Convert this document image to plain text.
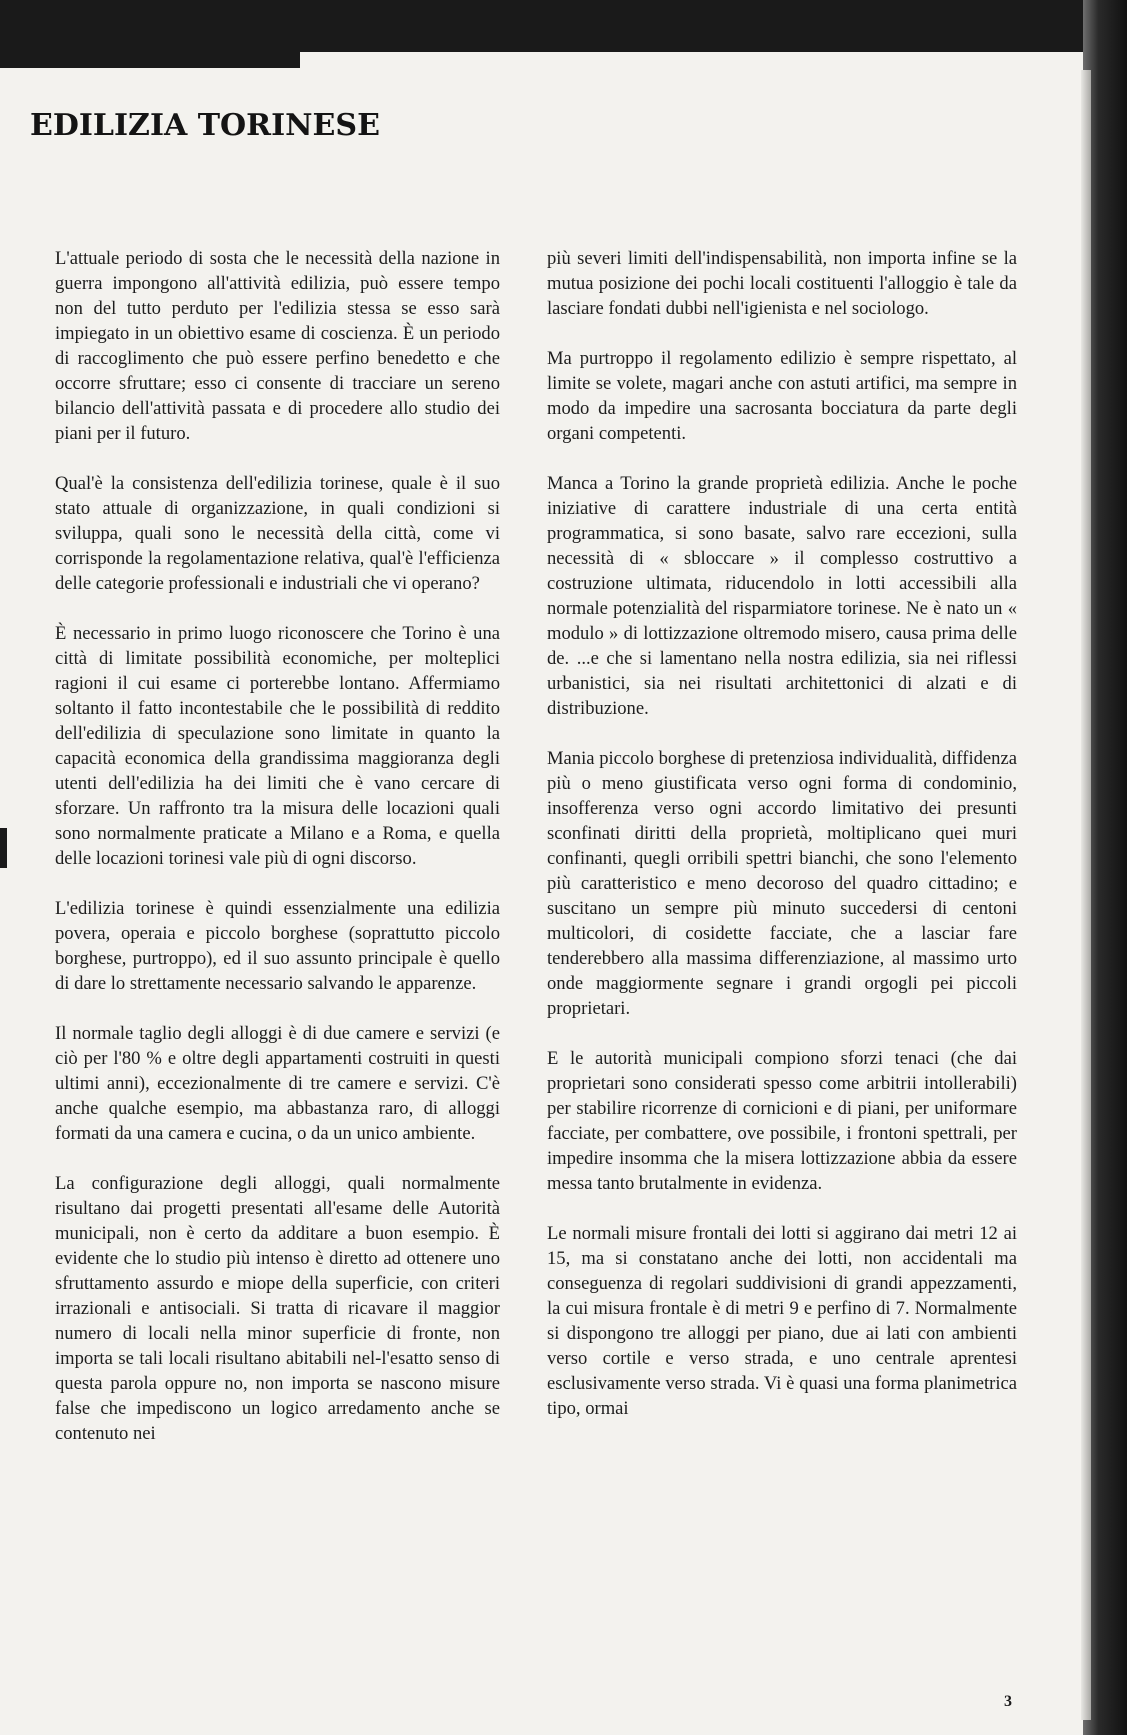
EDILIZIA TORINESE

L'attuale periodo di sosta che le necessità della nazione in guerra impongono all'attività edilizia, può essere tempo non del tutto perduto per l'edilizia stessa se esso sarà impiegato in un obiettivo esame di coscienza. È un periodo di raccoglimento che può essere perfino benedetto e che occorre sfruttare; esso ci consente di tracciare un sereno bilancio dell'attività passata e di procedere allo studio dei piani per il futuro.

Qual'è la consistenza dell'edilizia torinese, quale è il suo stato attuale di organizzazione, in quali condizioni si sviluppa, quali sono le necessità della città, come vi corrisponde la regolamentazione relativa, qual'è l'efficienza delle categorie professionali e industriali che vi operano?

È necessario in primo luogo riconoscere che Torino è una città di limitate possibilità economiche, per molteplici ragioni il cui esame ci porterebbe lontano. Affermiamo soltanto il fatto incontestabile che le possibilità di reddito dell'edilizia di speculazione sono limitate in quanto la capacità economica della grandissima maggioranza degli utenti dell'edilizia ha dei limiti che è vano cercare di sforzare. Un raffronto tra la misura delle locazioni quali sono normalmente praticate a Milano e a Roma, e quella delle locazioni torinesi vale più di ogni discorso.

L'edilizia torinese è quindi essenzialmente una edilizia povera, operaia e piccolo borghese (soprattutto piccolo borghese, purtroppo), ed il suo assunto principale è quello di dare lo strettamente necessario salvando le apparenze.

Il normale taglio degli alloggi è di due camere e servizi (e ciò per l'80 % e oltre degli appartamenti costruiti in questi ultimi anni), eccezionalmente di tre camere e servizi. C'è anche qualche esempio, ma abbastanza raro, di alloggi formati da una camera e cucina, o da un unico ambiente.

La configurazione degli alloggi, quali normalmente risultano dai progetti presentati all'esame delle Autorità municipali, non è certo da additare a buon esempio. È evidente che lo studio più intenso è diretto ad ottenere uno sfruttamento assurdo e miope della superficie, con criteri irrazionali e antisociali. Si tratta di ricavare il maggior numero di locali nella minor superficie di fronte, non importa se tali locali risultano abitabili nel-l'esatto senso di questa parola oppure no, non importa se nascono misure false che impediscono un logico arredamento anche se contenuto nei

più severi limiti dell'indispensabilità, non importa infine se la mutua posizione dei pochi locali costituenti l'alloggio è tale da lasciare fondati dubbi nell'igienista e nel sociologo.

Ma purtroppo il regolamento edilizio è sempre rispettato, al limite se volete, magari anche con astuti artifici, ma sempre in modo da impedire una sacrosanta bocciatura da parte degli organi competenti.

Manca a Torino la grande proprietà edilizia. Anche le poche iniziative di carattere industriale di una certa entità programmatica, si sono basate, salvo rare eccezioni, sulla necessità di « sbloccare » il complesso costruttivo a costruzione ultimata, riducendolo in lotti accessibili alla normale potenzialità del risparmiatore torinese. Ne è nato un « modulo » di lottizzazione oltremodo misero, causa prima delle de. ...e che si lamentano nella nostra edilizia, sia nei riflessi urbanistici, sia nei risultati architettonici di alzati e di distribuzione.

Mania piccolo borghese di pretenziosa individualità, diffidenza più o meno giustificata verso ogni forma di condominio, insofferenza verso ogni accordo limitativo dei presunti sconfinati diritti della proprietà, moltiplicano quei muri confinanti, quegli orribili spettri bianchi, che sono l'elemento più caratteristico e meno decoroso del quadro cittadino; e suscitano un sempre più minuto succedersi di centoni multicolori, di cosidette facciate, che a lasciar fare tenderebbero alla massima differenziazione, al massimo urto onde maggiormente segnare i grandi orgogli pei piccoli proprietari.

E le autorità municipali compiono sforzi tenaci (che dai proprietari sono considerati spesso come arbitrii intollerabili) per stabilire ricorrenze di cornicioni e di piani, per uniformare facciate, per combattere, ove possibile, i frontoni spettrali, per impedire insomma che la misera lottizzazione abbia da essere messa tanto brutalmente in evidenza.

Le normali misure frontali dei lotti si aggirano dai metri 12 ai 15, ma si constatano anche dei lotti, non accidentali ma conseguenza di regolari suddivisioni di grandi appezzamenti, la cui misura frontale è di metri 9 e perfino di 7. Normalmente si dispongono tre alloggi per piano, due ai lati con ambienti verso cortile e verso strada, e uno centrale aprentesi esclusivamente verso strada. Vi è quasi una forma planimetrica tipo, ormai

3
